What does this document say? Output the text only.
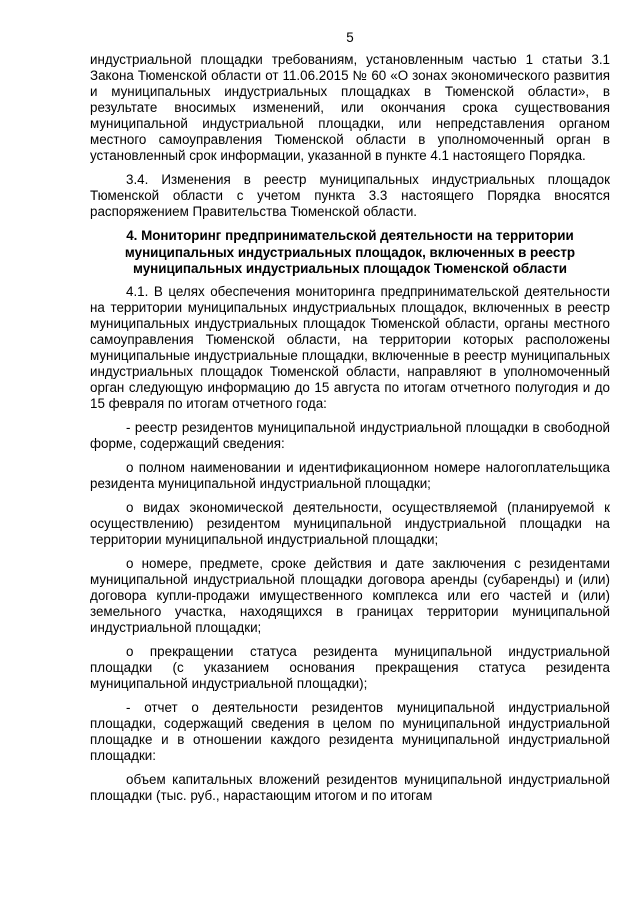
5

индустриальной площадки требованиям, установленным частью 1 статьи 3.1 Закона Тюменской области от 11.06.2015 № 60 «О зонах экономического развития и муниципальных индустриальных площадках в Тюменской области», в результате вносимых изменений, или окончания срока существования муниципальной индустриальной площадки, или непредставления органом местного самоуправления Тюменской области в уполномоченный орган в установленный срок информации, указанной в пункте 4.1 настоящего Порядка.

3.4. Изменения в реестр муниципальных индустриальных площадок Тюменской области с учетом пункта 3.3 настоящего Порядка вносятся распоряжением Правительства Тюменской области.

4. Мониторинг предпринимательской деятельности на территории муниципальных индустриальных площадок, включенных в реестр муниципальных индустриальных площадок Тюменской области

4.1. В целях обеспечения мониторинга предпринимательской деятельности на территории муниципальных индустриальных площадок, включенных в реестр муниципальных индустриальных площадок Тюменской области, органы местного самоуправления Тюменской области, на территории которых расположены муниципальные индустриальные площадки, включенные в реестр муниципальных индустриальных площадок Тюменской области, направляют в уполномоченный орган следующую информацию до 15 августа по итогам отчетного полугодия и до 15 февраля по итогам отчетного года:

- реестр резидентов муниципальной индустриальной площадки в свободной форме, содержащий сведения:

о полном наименовании и идентификационном номере налогоплательщика резидента муниципальной индустриальной площадки;

о видах экономической деятельности, осуществляемой (планируемой к осуществлению) резидентом муниципальной индустриальной площадки на территории муниципальной индустриальной площадки;

о номере, предмете, сроке действия и дате заключения с резидентами муниципальной индустриальной площадки договора аренды (субаренды) и (или) договора купли-продажи имущественного комплекса или его частей и (или) земельного участка, находящихся в границах территории муниципальной индустриальной площадки;

о прекращении статуса резидента муниципальной индустриальной площадки (с указанием основания прекращения статуса резидента муниципальной индустриальной площадки);

- отчет о деятельности резидентов муниципальной индустриальной площадки, содержащий сведения в целом по муниципальной индустриальной площадке и в отношении каждого резидента муниципальной индустриальной площадки:

объем капитальных вложений резидентов муниципальной индустриальной площадки (тыс. руб., нарастающим итогом и по итогам
